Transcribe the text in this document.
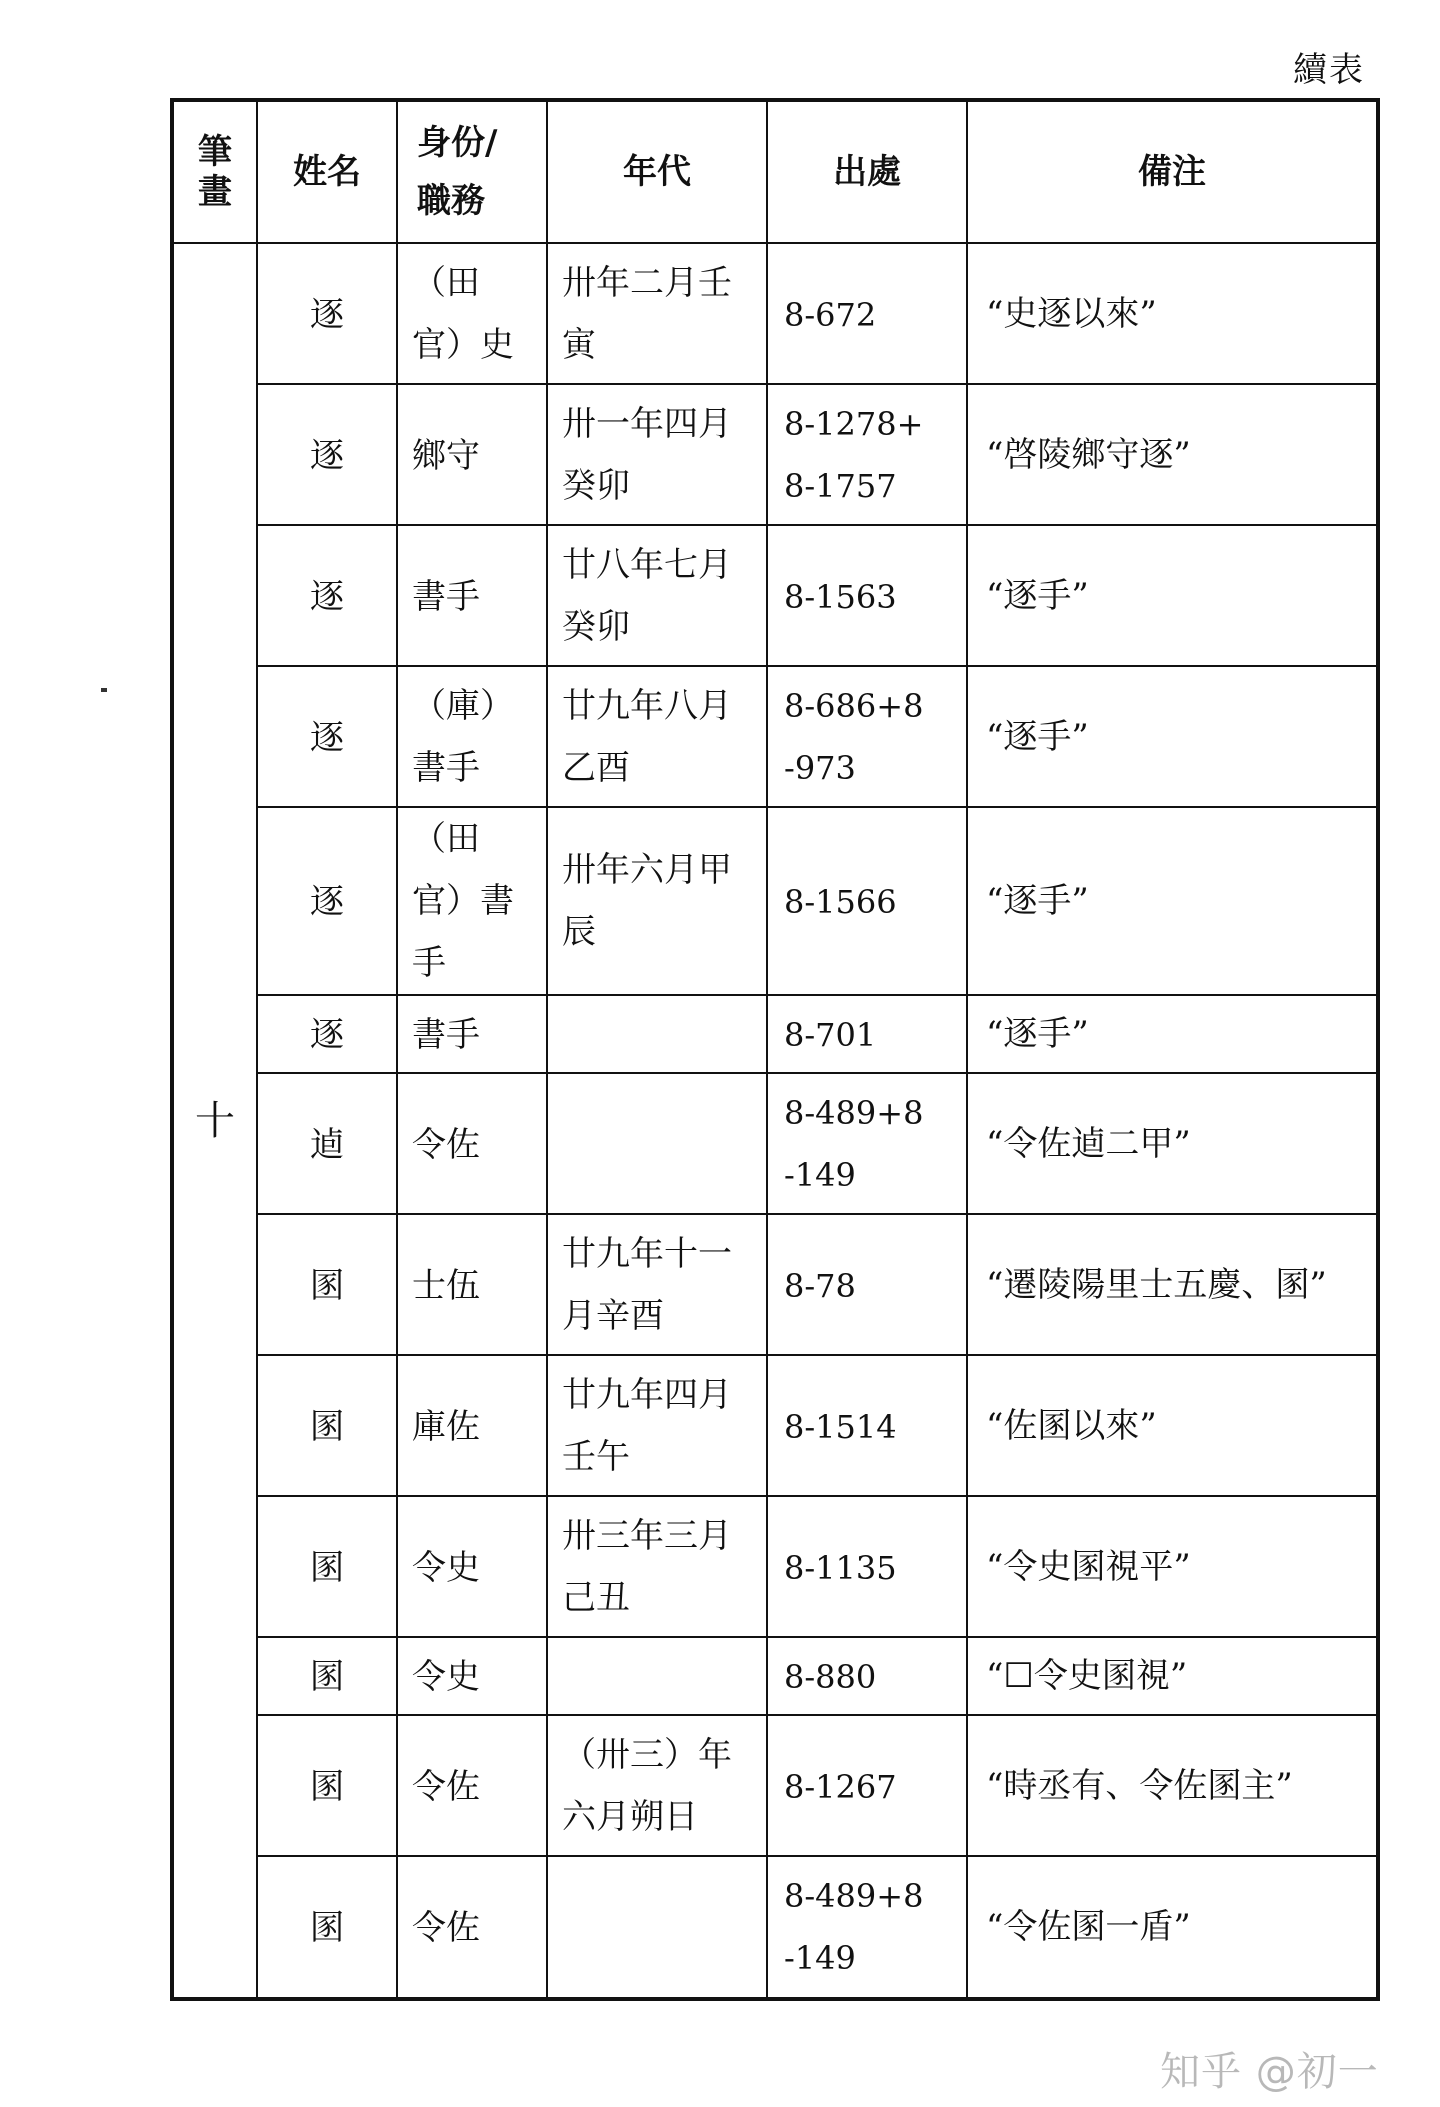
續表
筆畫	姓名	身份/職務	年代	出處	備注
十	逐	（田官）史	卅年二月壬寅	8-672	“史逐以來”
	逐	鄉守	卅一年四月癸卯	8-1278+8-1757	“啓陵鄉守逐”
	逐	書手	廿八年七月癸卯	8-1563	“逐手”
	逐	（庫）書手	廿九年八月乙酉	8-686+8-973	“逐手”
	逐	（田官）書手	卅年六月甲辰	8-1566	“逐手”
	逐	書手		8-701	“逐手”
	逌	令佐		8-489+8-149	“令佐逌二甲”
	圂	士伍	廿九年十一月辛酉	8-78	“遷陵陽里士五慶、圂”
	圂	庫佐	廿九年四月壬午	8-1514	“佐圂以來”
	圂	令史	卅三年三月己丑	8-1135	“令史圂視平”
	圂	令史		8-880	“☐令史圂視”
	圂	令佐	（卅三）年六月朔日	8-1267	“時丞有、令佐圂主”
	圂	令佐		8-489+8-149	“令佐圂一盾”
知乎 @初一
